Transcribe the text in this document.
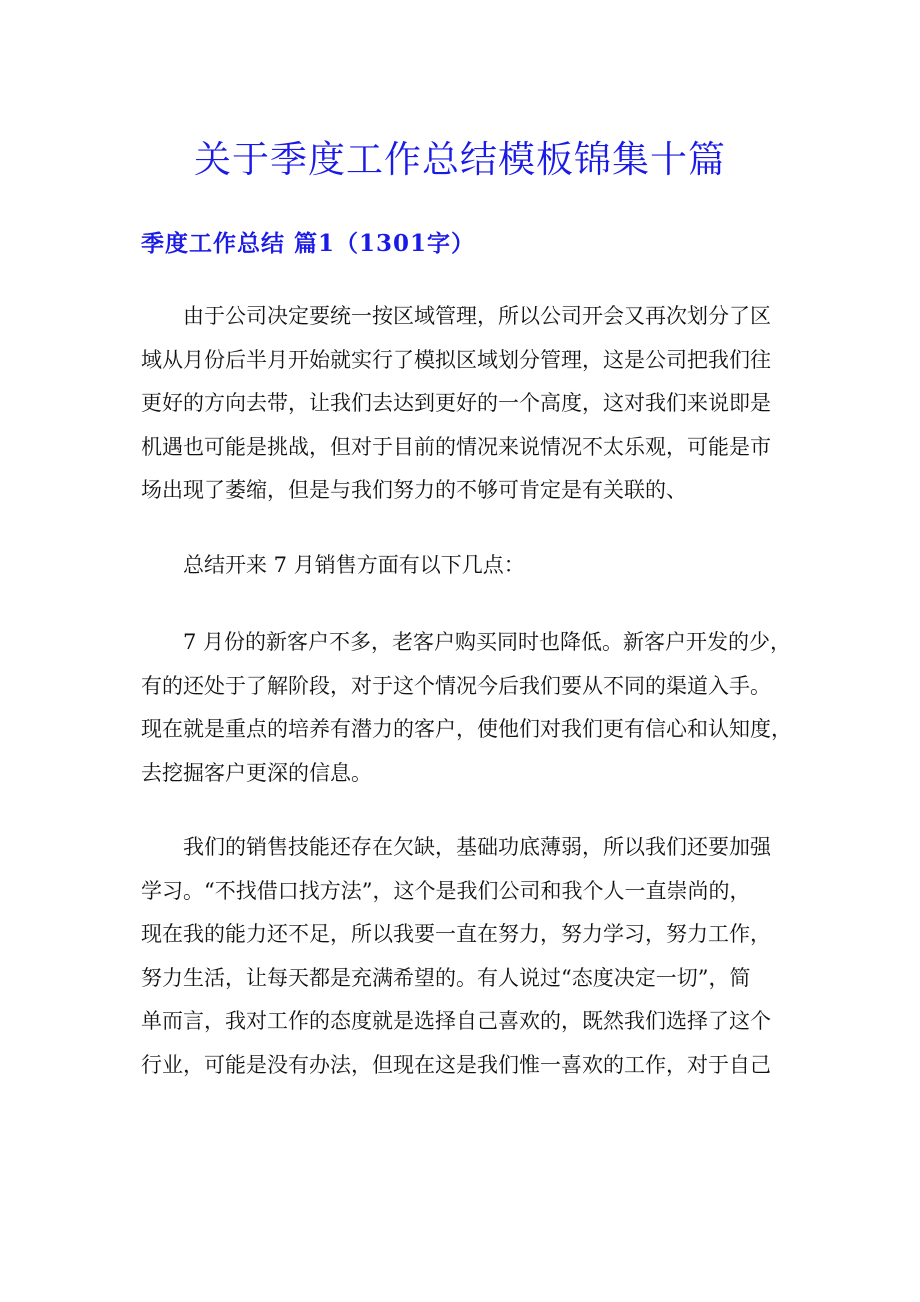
关于季度工作总结模板锦集十篇
季度工作总结 篇1（1301字）
由于公司决定要统一按区域管理，所以公司开会又再次划分了区
域从月份后半月开始就实行了模拟区域划分管理，这是公司把我们往
更好的方向去带，让我们去达到更好的一个高度，这对我们来说即是
机遇也可能是挑战，但对于目前的情况来说情况不太乐观，可能是市
场出现了萎缩，但是与我们努力的不够可肯定是有关联的、
总结开来 7 月销售方面有以下几点：
7 月份的新客户不多，老客户购买同时也降低。新客户开发的少，
有的还处于了解阶段，对于这个情况今后我们要从不同的渠道入手。
现在就是重点的培养有潜力的客户，使他们对我们更有信心和认知度，
去挖掘客户更深的信息。
我们的销售技能还存在欠缺，基础功底薄弱，所以我们还要加强
学习。“不找借口找方法”，这个是我们公司和我个人一直崇尚的，
现在我的能力还不足，所以我要一直在努力，努力学习，努力工作，
努力生活，让每天都是充满希望的。有人说过“态度决定一切”，简
单而言，我对工作的态度就是选择自己喜欢的，既然我们选择了这个
行业，可能是没有办法，但现在这是我们惟一喜欢的工作，对于自己
